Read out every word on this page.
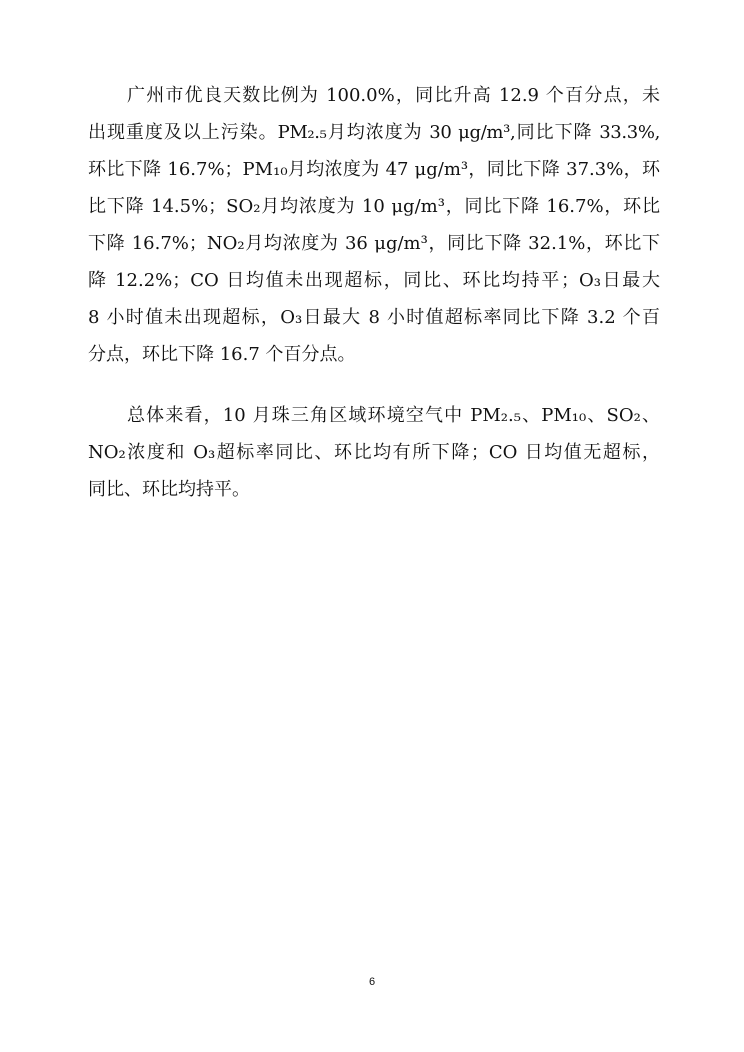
广州市优良天数比例为 100.0%，同比升高 12.9 个百分点，未
出现重度及以上污染。PM₂.₅月均浓度为 30 μg/m³,同比下降 33.3%,
环比下降 16.7%；PM₁₀月均浓度为 47 μg/m³，同比下降 37.3%，环
比下降 14.5%；SO₂月均浓度为 10 μg/m³，同比下降 16.7%，环比
下降 16.7%；NO₂月均浓度为 36 μg/m³，同比下降 32.1%，环比下
降 12.2%；CO 日均值未出现超标，同比、环比均持平；O₃日最大
8 小时值未出现超标，O₃日最大 8 小时值超标率同比下降 3.2 个百
分点，环比下降 16.7 个百分点。

总体来看，10 月珠三角区域环境空气中 PM₂.₅、PM₁₀、SO₂、
NO₂浓度和 O₃超标率同比、环比均有所下降；CO 日均值无超标，
同比、环比均持平。

6
